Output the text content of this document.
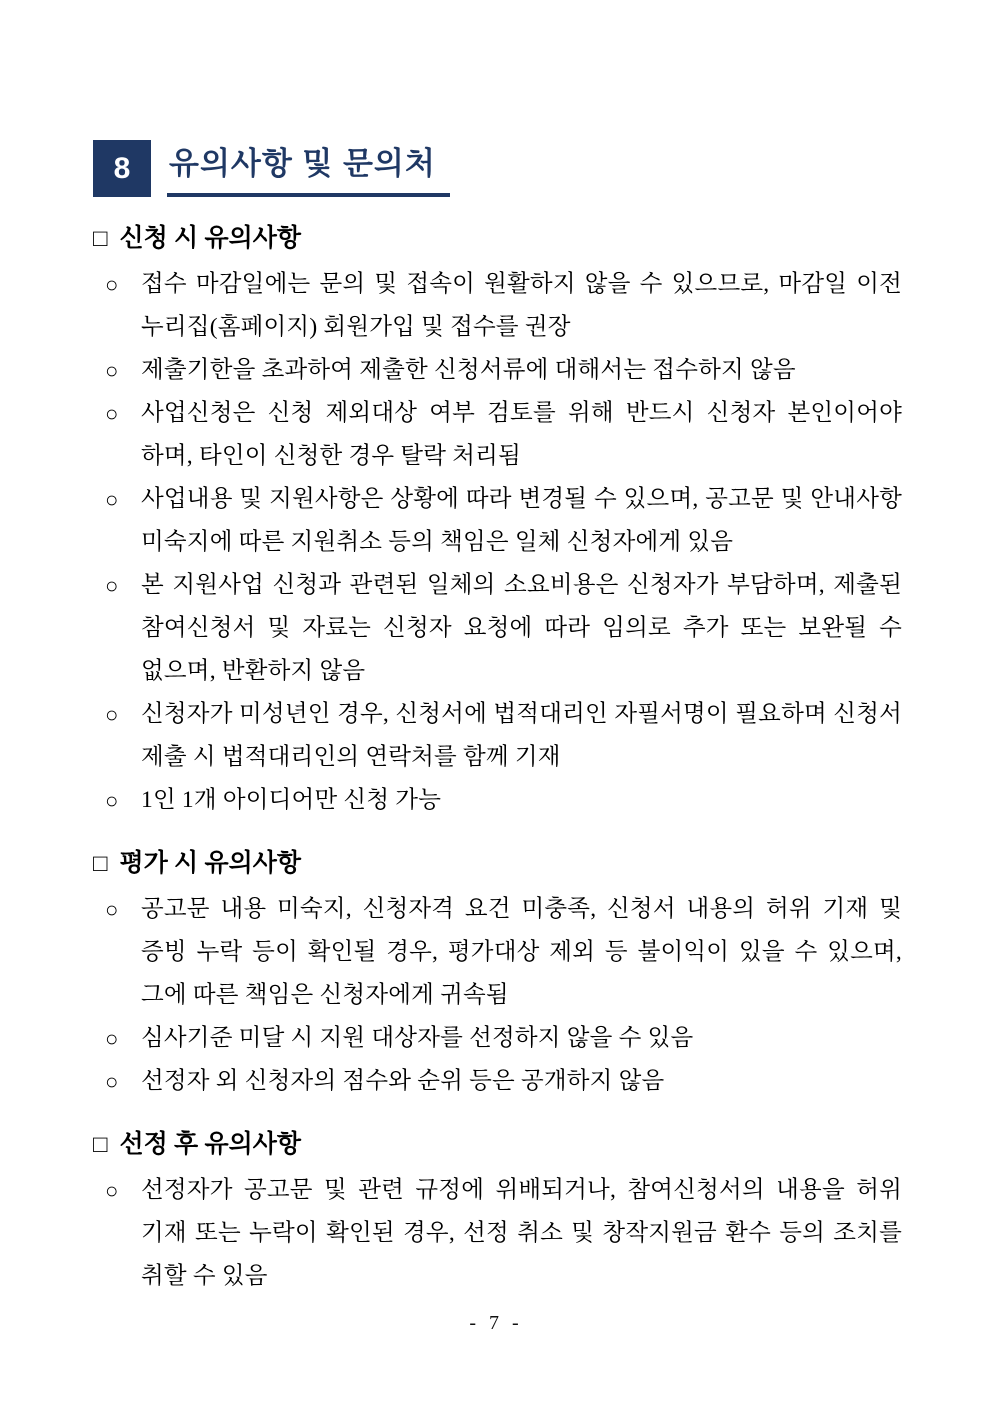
8	유의사항 및 문의처
□ 신청 시 유의사항
○ 접수 마감일에는 문의 및 접속이 원활하지 않을 수 있으므로, 마감일 이전 누리집(홈페이지) 회원가입 및 접수를 권장
○ 제출기한을 초과하여 제출한 신청서류에 대해서는 접수하지 않음
○ 사업신청은 신청 제외대상 여부 검토를 위해 반드시 신청자 본인이어야 하며, 타인이 신청한 경우 탈락 처리됨
○ 사업내용 및 지원사항은 상황에 따라 변경될 수 있으며, 공고문 및 안내사항 미숙지에 따른 지원취소 등의 책임은 일체 신청자에게 있음
○ 본 지원사업 신청과 관련된 일체의 소요비용은 신청자가 부담하며, 제출된 참여신청서 및 자료는 신청자 요청에 따라 임의로 추가 또는 보완될 수 없으며, 반환하지 않음
○ 신청자가 미성년인 경우, 신청서에 법적대리인 자필서명이 필요하며 신청서 제출 시 법적대리인의 연락처를 함께 기재
○ 1인 1개 아이디어만 신청 가능
□ 평가 시 유의사항
○ 공고문 내용 미숙지, 신청자격 요건 미충족, 신청서 내용의 허위 기재 및 증빙 누락 등이 확인될 경우, 평가대상 제외 등 불이익이 있을 수 있으며, 그에 따른 책임은 신청자에게 귀속됨
○ 심사기준 미달 시 지원 대상자를 선정하지 않을 수 있음
○ 선정자 외 신청자의 점수와 순위 등은 공개하지 않음
□ 선정 후 유의사항
○ 선정자가 공고문 및 관련 규정에 위배되거나, 참여신청서의 내용을 허위 기재 또는 누락이 확인된 경우, 선정 취소 및 창작지원금 환수 등의 조치를 취할 수 있음
- 7 -
